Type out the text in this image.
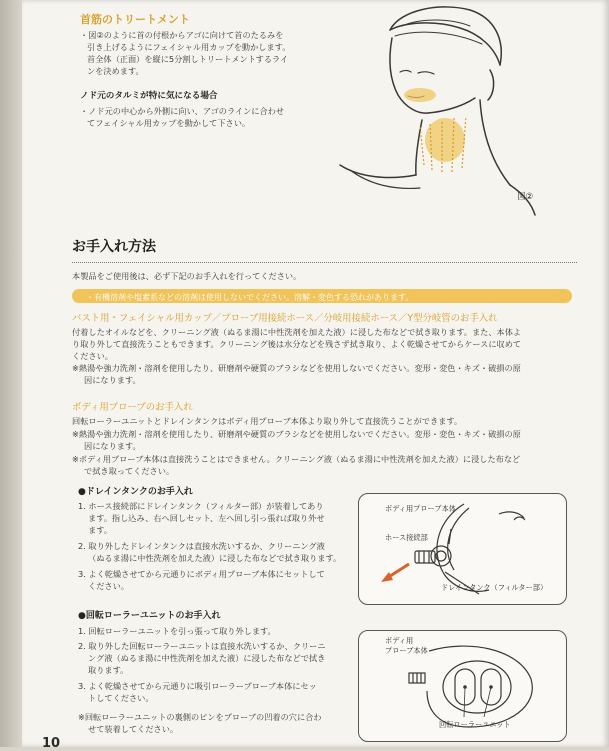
首筋のトリートメント
・図②のように首の付根からアゴに向けて首のたるみを
引き上げるようにフェイシャル用カップを動かします。
首全体（正面）を縦に5分割しトリートメントするライ
ンを決めます。
ノド元のタルミが特に気になる場合
・ノド元の中心から外側に向い、アゴのラインに合わせ
てフェイシャル用カップを動かして下さい。
図②
お手入れ方法
本製品をご使用後は、必ず下記のお手入れを行ってください。
・有機溶剤や塩素系などの溶剤は使用しないでください。溶解・変色する恐れがあります。
バスト用・フェイシャル用カップ／プローブ用接続ホース／分岐用接続ホース／Y型分岐管のお手入れ
付着したオイルなどを、クリーニング液（ぬるま湯に中性洗剤を加えた液）に浸した布などで拭き取ります。また、本体よ
り取り外して直接洗うこともできます。クリーニング後は水分などを残さず拭き取り、よく乾燥させてからケースに収めて
ください。
※熱湯や強力洗剤・溶剤を使用したり、研磨剤や硬質のブラシなどを使用しないでください。変形・変色・キズ・破損の原
因になります。
ボディ用プローブのお手入れ
回転ローラーユニットとドレインタンクはボディ用プローブ本体より取り外して直接洗うことができます。
※熱湯や強力洗剤・溶剤を使用したり、研磨剤や硬質のブラシなどを使用しないでください。変形・変色・キズ・破損の原
因になります。
※ボディ用プローブ本体は直接洗うことはできません。クリーニング液（ぬるま湯に中性洗剤を加えた液）に浸した布など
で拭き取ってください。
●ドレインタンクのお手入れ
1. ホース接続部にドレインタンク（フィルター部）が装着してあり
ます。指し込み、右へ回しセット、左へ回し引っ張れば取り外せ
ます。
2. 取り外したドレインタンクは直接水洗いするか、クリーニング液
（ぬるま湯に中性洗剤を加えた液）に浸した布などで拭き取ります。
3. よく乾燥させてから元通りにボディ用プローブ本体にセットして
ください。
ボディ用プローブ本体
ホース接続部
ドレインタンク（フィルター部）
●回転ローラーユニットのお手入れ
1. 回転ローラーユニットを引っ張って取り外します。
2. 取り外した回転ローラーユニットは直接水洗いするか、クリーニ
ング液（ぬるま湯に中性洗剤を加えた液）に浸した布などで拭き
取ります。
3. よく乾燥させてから元通りに吸引ローラープローブ本体にセッ
トしてください。
※回転ローラーユニットの裏側のピンをプローブの凹着の穴に合わ
せて装着してください。
ボディ用
プローブ本体
回転ローラーユニット
10
